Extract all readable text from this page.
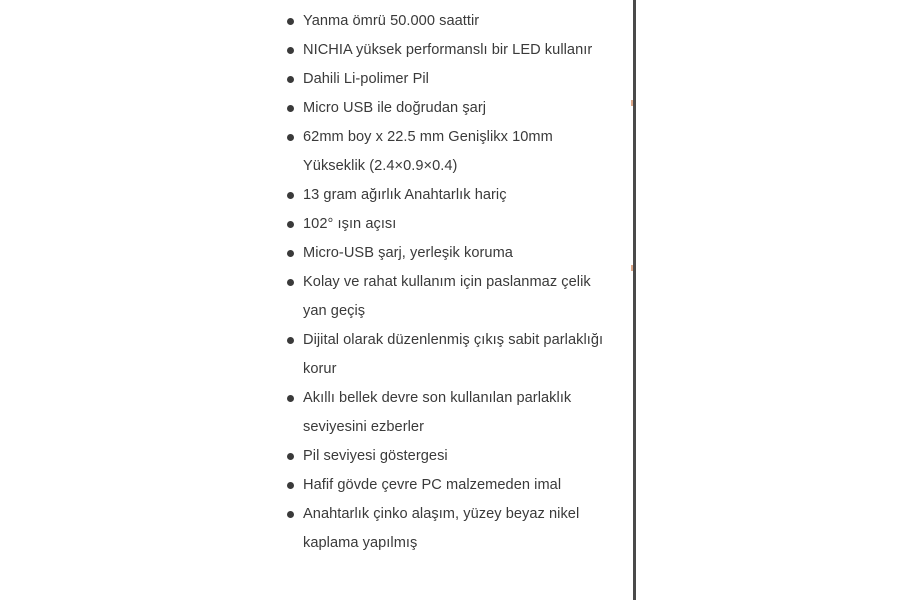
Yanma ömrü 50.000 saattir
NICHIA yüksek performanslı bir LED kullanır
Dahili Li-polimer Pil
Micro USB ile doğrudan şarj
62mm boy x 22.5 mm Genişlikx 10mm Yükseklik (2.4×0.9×0.4)
13 gram ağırlık Anahtarlık hariç
102° ışın açısı
Micro-USB şarj, yerleşik koruma
Kolay ve rahat kullanım için paslanmaz çelik yan geçiş
Dijital olarak düzenlenmiş çıkış sabit parlaklığı korur
Akıllı bellek devre son kullanılan parlaklık seviyesini ezberler
Pil seviyesi göstergesi
Hafif gövde çevre PC malzemeden imal
Anahtarlık çinko alaşım, yüzey beyaz nikel kaplama yapılmış
